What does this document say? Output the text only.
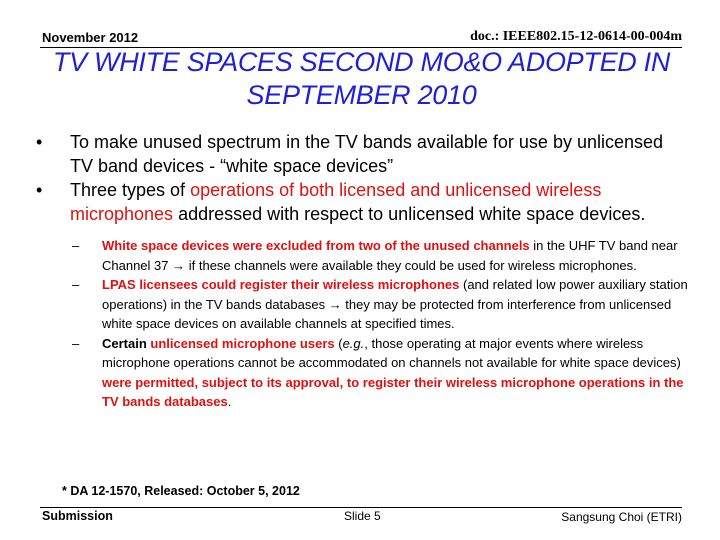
November 2012	doc.: IEEE802.15-12-0614-00-004m
TV WHITE SPACES SECOND MO&O ADOPTED IN
SEPTEMBER 2010
• To make unused spectrum in the TV bands available for use by unlicensed TV band devices - “white space devices”
• Three types of operations of both licensed and unlicensed wireless microphones addressed with respect to unlicensed white space devices.
– White space devices were excluded from two of the unused channels in the UHF TV band near Channel 37 → if these channels were available they could be used for wireless microphones.
– LPAS licensees could register their wireless microphones (and related low power auxiliary station operations) in the TV bands databases → they may be protected from interference from unlicensed white space devices on available channels at specified times.
– Certain unlicensed microphone users (e.g., those operating at major events where wireless microphone operations cannot be accommodated on channels not available for white space devices) were permitted, subject to its approval, to register their wireless microphone operations in the TV bands databases.
* DA 12-1570, Released: October 5, 2012
Submission	Slide 5	Sangsung Choi (ETRI)
